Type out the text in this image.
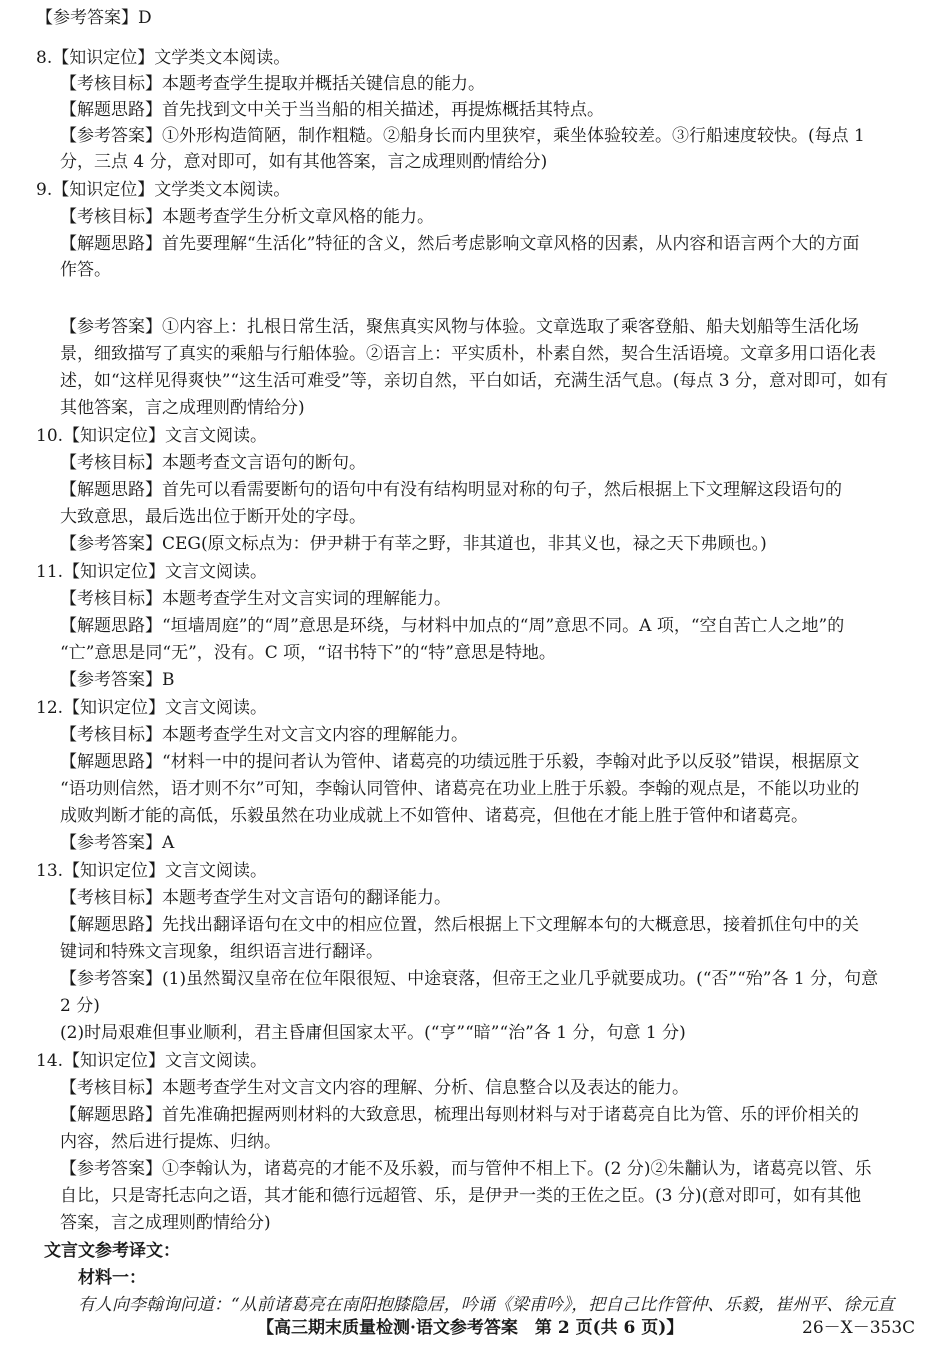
【参考答案】D
8.【知识定位】文学类文本阅读。
【考核目标】本题考查学生提取并概括关键信息的能力。
【解题思路】首先找到文中关于当当船的相关描述，再提炼概括其特点。
【参考答案】①外形构造简陋，制作粗糙。②船身长而内里狭窄，乘坐体验较差。③行船速度较快。(每点 1
分，三点 4 分，意对即可，如有其他答案，言之成理则酌情给分)
9.【知识定位】文学类文本阅读。
【考核目标】本题考查学生分析文章风格的能力。
【解题思路】首先要理解“生活化”特征的含义，然后考虑影响文章风格的因素，从内容和语言两个大的方面
作答。
【参考答案】①内容上：扎根日常生活，聚焦真实风物与体验。文章选取了乘客登船、船夫划船等生活化场
景，细致描写了真实的乘船与行船体验。②语言上：平实质朴，朴素自然，契合生活语境。文章多用口语化表
述，如“这样见得爽快”“这生活可难受”等，亲切自然，平白如话，充满生活气息。(每点 3 分，意对即可，如有
其他答案，言之成理则酌情给分)
10.【知识定位】文言文阅读。
【考核目标】本题考查文言语句的断句。
【解题思路】首先可以看需要断句的语句中有没有结构明显对称的句子，然后根据上下文理解这段语句的
大致意思，最后选出位于断开处的字母。
【参考答案】CEG(原文标点为：伊尹耕于有莘之野，非其道也，非其义也，禄之天下弗顾也。)
11.【知识定位】文言文阅读。
【考核目标】本题考查学生对文言实词的理解能力。
【解题思路】“垣墙周庭”的“周”意思是环绕，与材料中加点的“周”意思不同。A 项，“空自苦亡人之地”的
“亡”意思是同“无”，没有。C 项，“诏书特下”的“特”意思是特地。
【参考答案】B
12.【知识定位】文言文阅读。
【考核目标】本题考查学生对文言文内容的理解能力。
【解题思路】“材料一中的提问者认为管仲、诸葛亮的功绩远胜于乐毅，李翰对此予以反驳”错误，根据原文
“语功则信然，语才则不尔”可知，李翰认同管仲、诸葛亮在功业上胜于乐毅。李翰的观点是，不能以功业的
成败判断才能的高低，乐毅虽然在功业成就上不如管仲、诸葛亮，但他在才能上胜于管仲和诸葛亮。
【参考答案】A
13.【知识定位】文言文阅读。
【考核目标】本题考查学生对文言语句的翻译能力。
【解题思路】先找出翻译语句在文中的相应位置，然后根据上下文理解本句的大概意思，接着抓住句中的关
键词和特殊文言现象，组织语言进行翻译。
【参考答案】(1)虽然蜀汉皇帝在位年限很短、中途衰落，但帝王之业几乎就要成功。(“否”“殆”各 1 分，句意
2 分)
(2)时局艰难但事业顺利，君主昏庸但国家太平。(“亨”“暗”“治”各 1 分，句意 1 分)
14.【知识定位】文言文阅读。
【考核目标】本题考查学生对文言文内容的理解、分析、信息整合以及表达的能力。
【解题思路】首先准确把握两则材料的大致意思，梳理出每则材料与对于诸葛亮自比为管、乐的评价相关的
内容，然后进行提炼、归纳。
【参考答案】①李翰认为，诸葛亮的才能不及乐毅，而与管仲不相上下。(2 分)②朱黼认为，诸葛亮以管、乐
自比，只是寄托志向之语，其才能和德行远超管、乐，是伊尹一类的王佐之臣。(3 分)(意对即可，如有其他
答案，言之成理则酌情给分)
文言文参考译文：
材料一：
有人向李翰询问道：“从前诸葛亮在南阳抱膝隐居，吟诵《梁甫吟》，把自己比作管仲、乐毅，崔州平、徐元直
【高三期末质量检测·语文参考答案　第 2 页(共 6 页)】	26－X－353C
